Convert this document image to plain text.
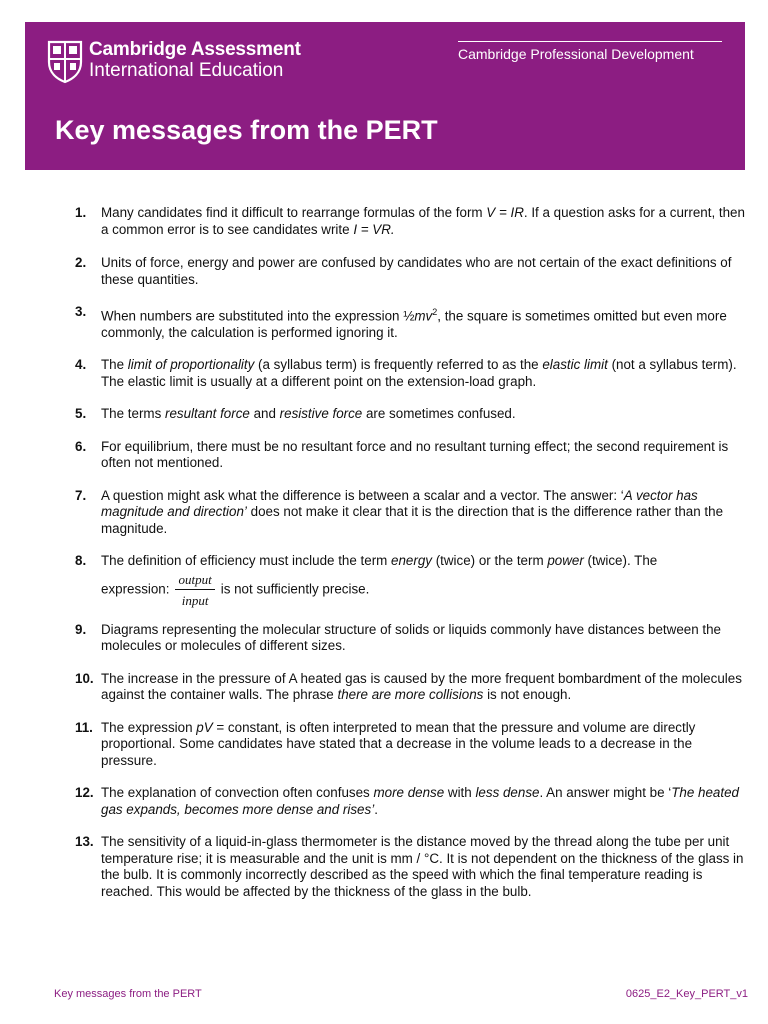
Cambridge Assessment
International Education
Cambridge Professional Development
Key messages from the PERT
1. Many candidates find it difficult to rearrange formulas of the form V = IR. If a question asks for a current, then a common error is to see candidates write I = VR.

2. Units of force, energy and power are confused by candidates who are not certain of the exact definitions of these quantities.

3. When numbers are substituted into the expression $\frac{1}{2}mv^2$, the square is sometimes omitted but even more commonly, the calculation is performed ignoring it.

4. The limit of proportionality (a syllabus term) is frequently referred to as the elastic limit (not a syllabus term). The elastic limit is usually at a different point on the extension-load graph.

5. The terms resultant force and resistive force are sometimes confused.

6. For equilibrium, there must be no resultant force and no resultant turning effect; the second requirement is often not mentioned.

7. A question might ask what the difference is between a scalar and a vector. The answer: ‘A vector has magnitude and direction’ does not make it clear that it is the direction that is the difference rather than the magnitude.

8. The definition of efficiency must include the term energy (twice) or the term power (twice). The

expression: $\frac{\text{output}}{\text{input}}$ is not sufficiently precise.

9. Diagrams representing the molecular structure of solids or liquids commonly have distances between the molecules or molecules of different sizes.

10. The increase in the pressure of A heated gas is caused by the more frequent bombardment of the molecules against the container walls. The phrase there are more collisions is not enough.

11. The expression pV = constant, is often interpreted to mean that the pressure and volume are directly proportional. Some candidates have stated that a decrease in the volume leads to a decrease in the pressure.

12. The explanation of convection often confuses more dense with less dense. An answer might be ‘The heated gas expands, becomes more dense and rises’.

13. The sensitivity of a liquid-in-glass thermometer is the distance moved by the thread along the tube per unit temperature rise; it is measurable and the unit is mm / °C. It is not dependent on the thickness of the glass in the bulb. It is commonly incorrectly described as the speed with which the final temperature reading is reached. This would be affected by the thickness of the glass in the bulb.

Key messages from the PERT	0625_E2_Key_PERT_v1
